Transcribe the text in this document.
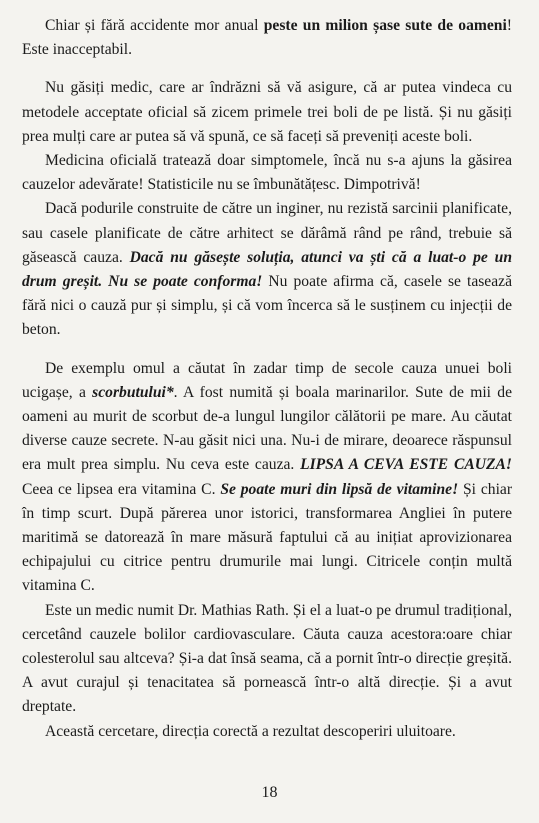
Chiar și fără accidente mor anual peste un milion șase sute de oameni! Este inacceptabil.

Nu găsiți medic, care ar îndrăzni să vă asigure, că ar putea vindeca cu metodele acceptate oficial să zicem primele trei boli de pe listă. Și nu găsiți prea mulți care ar putea să vă spună, ce să faceți să preveniți aceste boli.

Medicina oficială tratează doar simptomele, încă nu s-a ajuns la găsirea cauzelor adevărate! Statisticile nu se îmbunătățesc. Dimpotrivă!

Dacă podurile construite de către un inginer, nu rezistă sarcinii planificate, sau casele planificate de către arhitect se dărâmă rând pe rând, trebuie să găsească cauza. Dacă nu găsește soluția, atunci va ști că a luat-o pe un drum greșit. Nu se poate conforma! Nu poate afirma că, casele se tasează fără nici o cauză pur și simplu, și că vom încerca să le susținem cu injecții de beton.

De exemplu omul a căutat în zadar timp de secole cauza unuei boli ucigașe, a scorbutului*. A fost numită și boala marinarilor. Sute de mii de oameni au murit de scorbut de-a lungul lungilor călătorii pe mare. Au căutat diverse cauze secrete. N-au găsit nici una. Nu-i de mirare, deoarece răspunsul era mult prea simplu. Nu ceva este cauza. LIPSA A CEVA ESTE CAUZA! Ceea ce lipsea era vitamina C. Se poate muri din lipsă de vitamine! Și chiar în timp scurt. După părerea unor istorici, transformarea Angliei în putere maritimă se datorează în mare măsură faptului că au inițiat aprovizionarea echipajului cu citrice pentru drumurile mai lungi. Citricele conțin multă vitamina C.

Este un medic numit Dr. Mathias Rath. Și el a luat-o pe drumul tradițional, cercetând cauzele bolilor cardiovasculare. Căuta cauza acestora:oare chiar colesterolul sau altceva? Și-a dat însă seama, că a pornit într-o direcție greșită. A avut curajul și tenacitatea să pornească într-o altă direcție. Și a avut dreptate.

Această cercetare, direcția corectă a rezultat descoperiri uluitoare.

18
